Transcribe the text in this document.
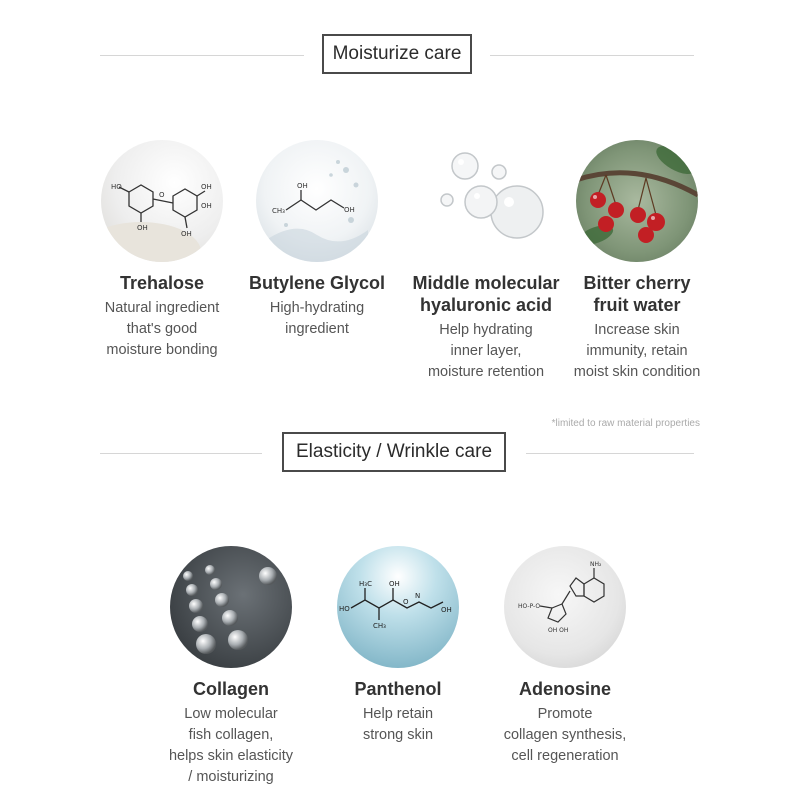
Moisturize care
HO
O
OH
OH
OH
OH
Trehalose
Natural ingredient
that's good
moisture bonding
OH
CH₃	OH
Butylene Glycol
High-hydrating
ingredient
Middle molecular
hyaluronic acid
Help hydrating
inner layer,
moisture retention
Bitter cherry
fruit water
Increase skin
immunity, retain
moist skin condition
*limited to raw material properties
Elasticity / Wrinkle care
Collagen
Low molecular
fish collagen,
helps skin elasticity
/ moisturizing
HO
H₃C OH
CH₃
O
N
OH
Panthenol
Help retain
strong skin
NH₂
HO-P-O
OH OH
Adenosine
Promote
collagen synthesis,
cell regeneration
